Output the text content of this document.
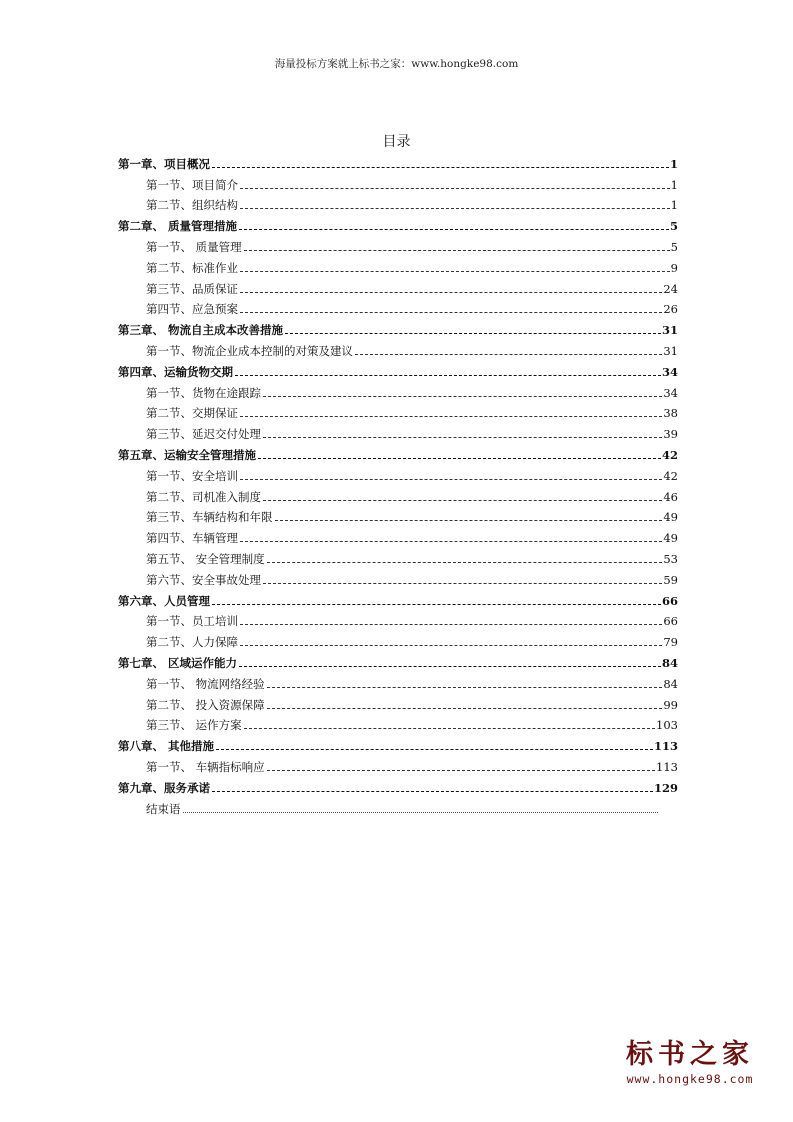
海量投标方案就上标书之家：www.hongke98.com
目录
第一章、项目概况	1
第一节、项目简介	1
第二节、组织结构	1
第二章、 质量管理措施	5
第一节、 质量管理	5
第二节、标准作业	9
第三节、品质保证	24
第四节、应急预案	26
第三章、 物流自主成本改善措施	31
第一节、物流企业成本控制的对策及建议	31
第四章、运输货物交期	34
第一节、货物在途跟踪	34
第二节、交期保证	38
第三节、延迟交付处理	39
第五章、运输安全管理措施	42
第一节、安全培训	42
第二节、司机准入制度	46
第三节、车辆结构和年限	49
第四节、车辆管理	49
第五节、 安全管理制度	53
第六节、安全事故处理	59
第六章、人员管理	66
第一节、员工培训	66
第二节、人力保障	79
第七章、 区域运作能力	84
第一节、 物流网络经验	84
第二节、 投入资源保障	99
第三节、 运作方案	103
第八章、 其他措施	113
第一节、 车辆指标响应	113
第九章、服务承诺	129
结束语
标书之家
www.hongke98.com
